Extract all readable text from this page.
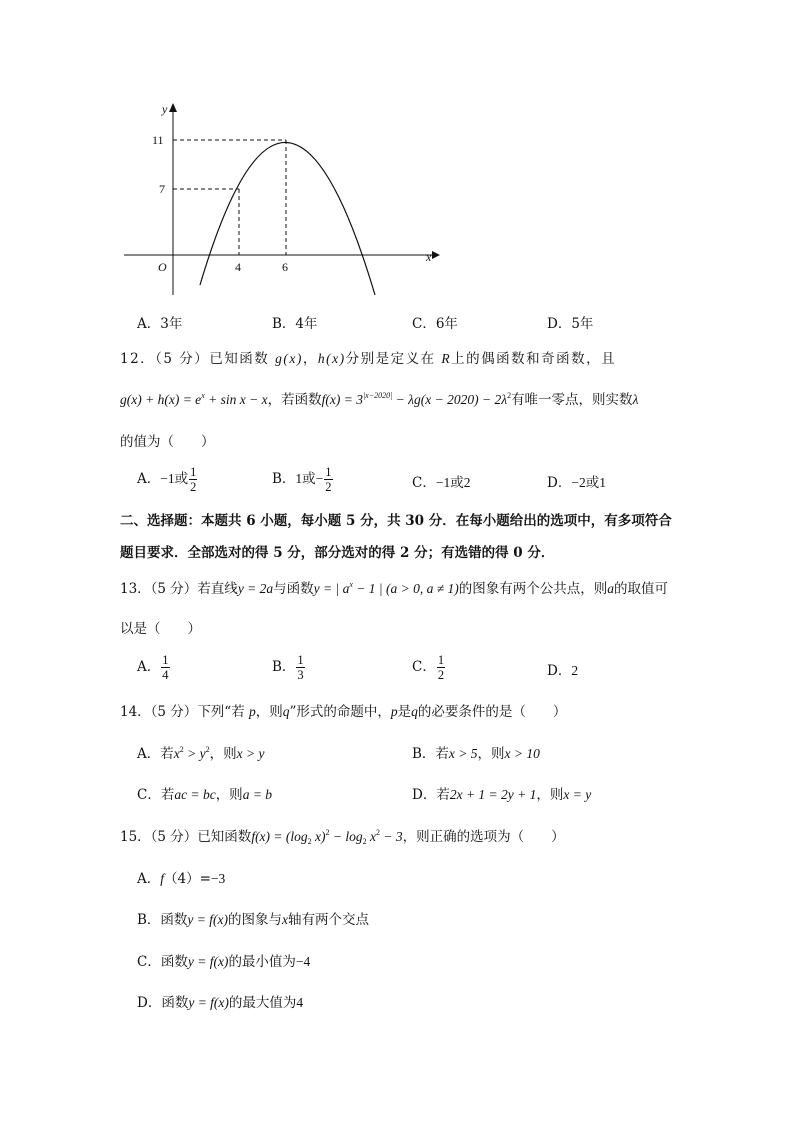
y
x
O
11
7
4	6
A．3年	B．4年	C．6年	D．5年
12．（5 分）已知函数 g(x)，h(x)分别是定义在 R上的偶函数和奇函数，且
$g(x) + h(x) = e^x + \sin x - x$，若函数$f(x) = 3^{|x-2020|} - \lambda g(x - 2020) - 2\lambda^2$有唯一零点，则实数λ
的值为（　　）
A．−1或 $\frac{1}{2}$	B．1或− $\frac{1}{2}$	C．−1或2	D．−2或1
二、选择题：本题共 6 小题，每小题 5 分，共 30 分．在每小题给出的选项中，有多项符合
题目要求．全部选对的得 5 分，部分选对的得 2 分；有选错的得 0 分．
13．（5 分）若直线y = 2a与函数y = | $a^x - 1$ | (a > 0, a ≠ 1)的图象有两个公共点，则a的取值可
以是（　　）
A． $\frac{1}{4}$	B． $\frac{1}{3}$	C． $\frac{1}{2}$	D．2
14．（5 分）下列“若 p，则q”形式的命题中，p是q的必要条件的是（　　）
A．若$x^2 > y^2$，则x > y	B．若x > 5，则x > 10
C．若ac = bc，则a = b	D．若2x + 1 = 2y + 1，则x = y
15．（5 分）已知函数$f(x) = (\log_2$ $x)^2 - \log_2 x^2 - 3$，则正确的选项为（　　）
A．f（4）=−3
B．函数y = f(x)的图象与x轴有两个交点
C．函数y = f(x)的最小值为−4
D．函数y = f(x)的最大值为4
